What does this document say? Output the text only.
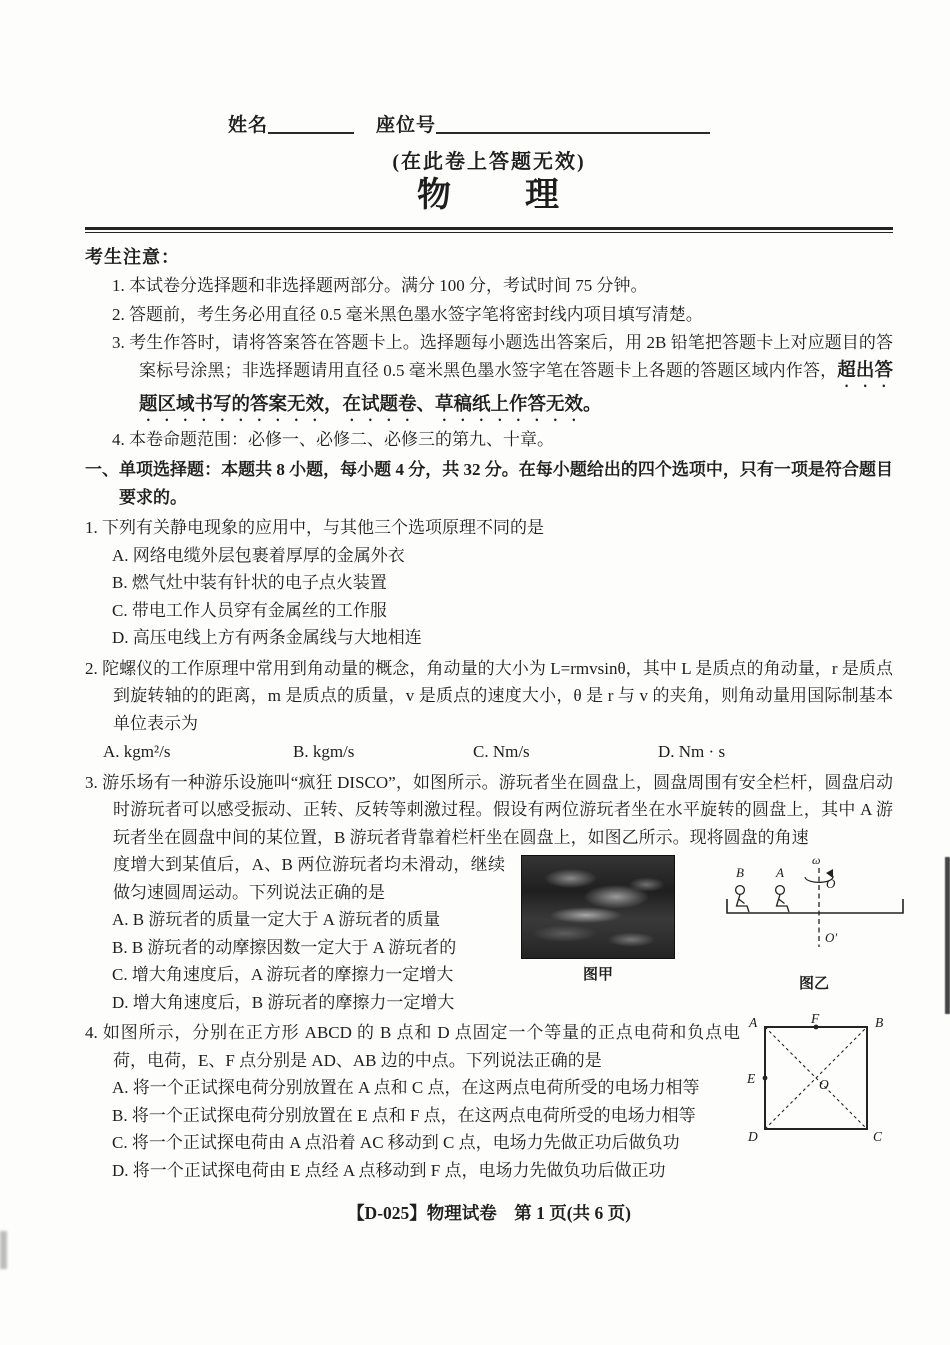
姓名	座位号
(在此卷上答题无效)
物　　理
考生注意：
1. 本试卷分选择题和非选择题两部分。满分 100 分，考试时间 75 分钟。
2. 答题前，考生务必用直径 0.5 毫米黑色墨水签字笔将密封线内项目填写清楚。
3. 考生作答时，请将答案答在答题卡上。选择题每小题选出答案后，用 2B 铅笔把答题卡上对应题目的答案标号涂黑；非选择题请用直径 0.5 毫米黑色墨水签字笔在答题卡上各题的答题区域内作答，超出答题区域书写的答案无效，在试题卷、草稿纸上作答无效。
4. 本卷命题范围：必修一、必修二、必修三的第九、十章。
一、单项选择题：本题共 8 小题，每小题 4 分，共 32 分。在每小题给出的四个选项中，只有一项是符合题目要求的。
1. 下列有关静电现象的应用中，与其他三个选项原理不同的是
A. 网络电缆外层包裹着厚厚的金属外衣
B. 燃气灶中装有针状的电子点火装置
C. 带电工作人员穿有金属丝的工作服
D. 高压电线上方有两条金属线与大地相连
2. 陀螺仪的工作原理中常用到角动量的概念，角动量的大小为 L=rmvsinθ，其中 L 是质点的角动量，r 是质点到旋转轴的的距离，m 是质点的质量，v 是质点的速度大小，θ 是 r 与 v 的夹角，则角动量用国际制基本单位表示为
A. kgm²/s	B. kgm/s	C. Nm/s	D. Nm · s
3. 游乐场有一种游乐设施叫“疯狂 DISCO”，如图所示。游玩者坐在圆盘上，圆盘周围有安全栏杆，圆盘启动时游玩者可以感受振动、正转、反转等刺激过程。假设有两位游玩者坐在水平旋转的圆盘上，其中 A 游玩者坐在圆盘中间的某位置，B 游玩者背靠着栏杆坐在圆盘上，如图乙所示。现将圆盘的角速
度增大到某值后，A、B 两位游玩者均未滑动，继续做匀速圆周运动。下列说法正确的是
A. B 游玩者的质量一定大于 A 游玩者的质量
B. B 游玩者的动摩擦因数一定大于 A 游玩者的
C. 增大角速度后，A 游玩者的摩擦力一定增大
D. 增大角速度后，B 游玩者的摩擦力一定增大
图甲
ω
O
O′
B A
图乙
4. 如图所示，分别在正方形 ABCD 的 B 点和 D 点固定一个等量的正点电荷和负点电荷，电荷，E、F 点分别是 AD、AB 边的中点。下列说法正确的是
A. 将一个正试探电荷分别放置在 A 点和 C 点，在这两点电荷所受的电场力相等
B. 将一个正试探电荷分别放置在 E 点和 F 点，在这两点电荷所受的电场力相等
C. 将一个正试探电荷由 A 点沿着 AC 移动到 C 点，电场力先做正功后做负功
D. 将一个正试探电荷由 E 点经 A 点移动到 F 点，电场力先做负功后做正功
A	F	B
E	O
D	C
【D-025】物理试卷　第 1 页(共 6 页)
